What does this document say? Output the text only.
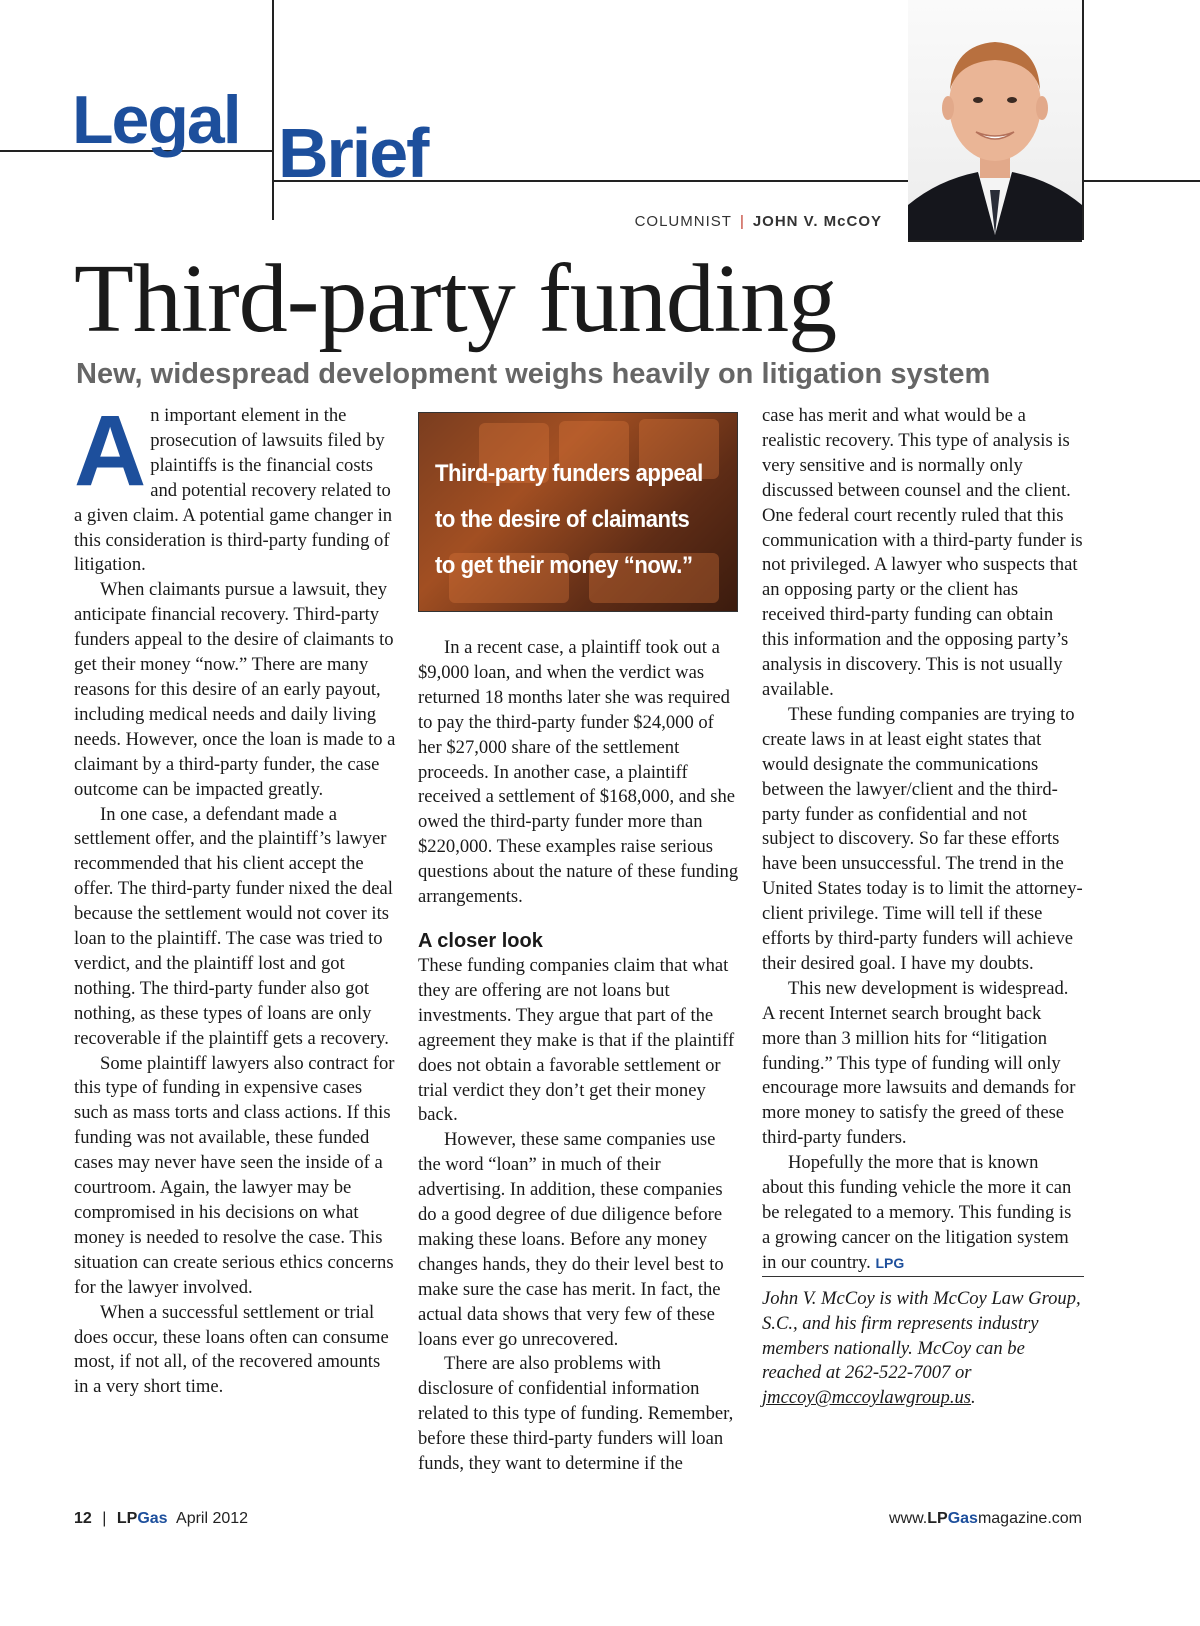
Legal Brief
COLUMNIST | JOHN V. McCOY
Third-party funding
New, widespread development weighs heavily on litigation system

An important element in the prosecution of lawsuits filed by plaintiffs is the financial costs and potential recovery related to a given claim. A potential game changer in this consideration is third-party funding of litigation.

When claimants pursue a lawsuit, they anticipate financial recovery. Third-party funders appeal to the desire of claimants to get their money “now.” There are many reasons for this desire of an early payout, including medical needs and daily living needs. However, once the loan is made to a claimant by a third-party funder, the case outcome can be impacted greatly.

In one case, a defendant made a settlement offer, and the plaintiff’s lawyer recommended that his client accept the offer. The third-party funder nixed the deal because the settlement would not cover its loan to the plaintiff. The case was tried to verdict, and the plaintiff lost and got nothing. The third-party funder also got nothing, as these types of loans are only recoverable if the plaintiff gets a recovery.

Some plaintiff lawyers also contract for this type of funding in expensive cases such as mass torts and class actions. If this funding was not available, these funded cases may never have seen the inside of a courtroom. Again, the lawyer may be compromised in his decisions on what money is needed to resolve the case. This situation can create serious ethics concerns for the lawyer involved.

When a successful settlement or trial does occur, these loans often can consume most, if not all, of the recovered amounts in a very short time.

Third-party funders appeal to the desire of claimants to get their money “now.”

In a recent case, a plaintiff took out a $9,000 loan, and when the verdict was returned 18 months later she was required to pay the third-party funder $24,000 of her $27,000 share of the settlement proceeds. In another case, a plaintiff received a settlement of $168,000, and she owed the third-party funder more than $220,000. These examples raise serious questions about the nature of these funding arrangements.

A closer look

These funding companies claim that what they are offering are not loans but investments. They argue that part of the agreement they make is that if the plaintiff does not obtain a favorable settlement or trial verdict they don’t get their money back.

However, these same companies use the word “loan” in much of their advertising. In addition, these companies do a good degree of due diligence before making these loans. Before any money changes hands, they do their level best to make sure the case has merit. In fact, the actual data shows that very few of these loans ever go unrecovered.

There are also problems with disclosure of confidential information related to this type of funding. Remember, before these third-party funders will loan funds, they want to determine if the

case has merit and what would be a realistic recovery. This type of analysis is very sensitive and is normally only discussed between counsel and the client. One federal court recently ruled that this communication with a third-party funder is not privileged. A lawyer who suspects that an opposing party or the client has received third-party funding can obtain this information and the opposing party’s analysis in discovery. This is not usually available.

These funding companies are trying to create laws in at least eight states that would designate the communications between the lawyer/client and the third-party funder as confidential and not subject to discovery. So far these efforts have been unsuccessful. The trend in the United States today is to limit the attorney-client privilege. Time will tell if these efforts by third-party funders will achieve their desired goal. I have my doubts.

This new development is widespread. A recent Internet search brought back more than 3 million hits for “litigation funding.” This type of funding will only encourage more lawsuits and demands for more money to satisfy the greed of these third-party funders.

Hopefully the more that is known about this funding vehicle the more it can be relegated to a memory. This funding is a growing cancer on the litigation system in our country. LPG

John V. McCoy is with McCoy Law Group, S.C., and his firm represents industry members nationally. McCoy can be reached at 262-522-7007 or jmccoy@mccoylawgroup.us.

12 | LPGas April 2012	www.LPGasmagazine.com
